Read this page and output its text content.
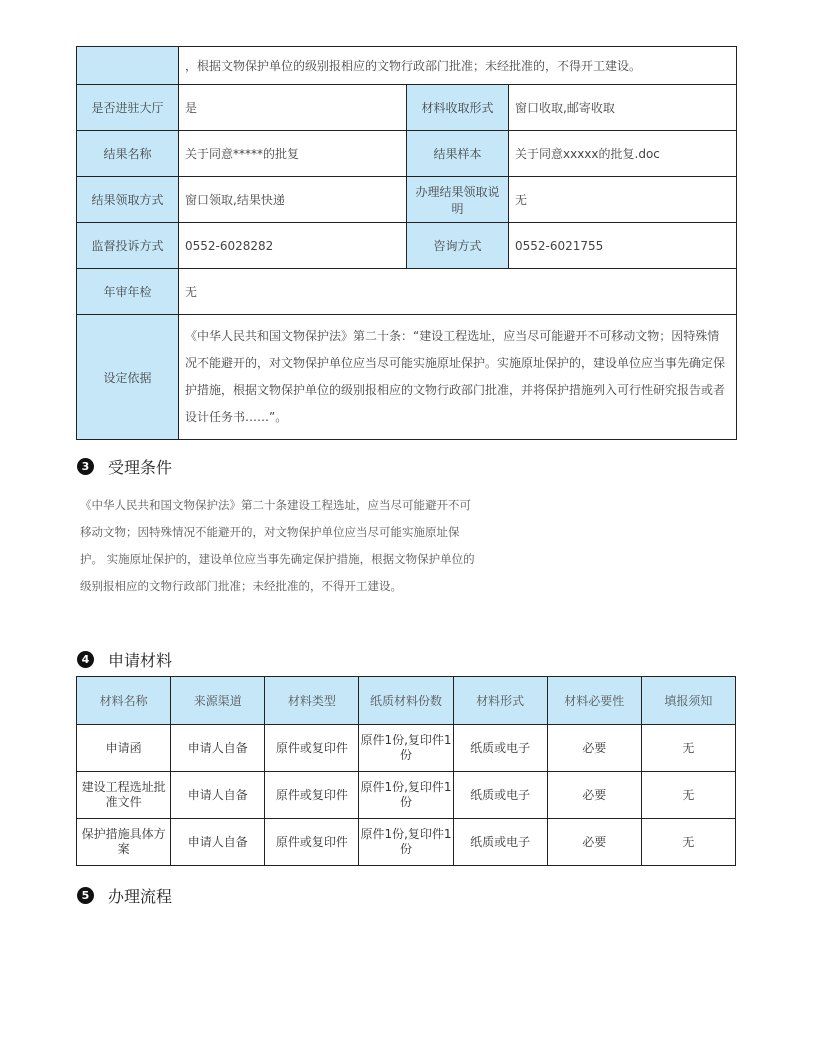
	，根据文物保护单位的级别报相应的文物行政部门批准；未经批准的，不得开工建设。		
是否进驻大厅	是	材料收取形式	窗口收取,邮寄收取
结果名称	关于同意*****的批复	结果样本	关于同意xxxxx的批复.doc
结果领取方式	窗口领取,结果快递	办理结果领取说明	无
监督投诉方式	0552-6028282	咨询方式	0552-6021755
年审年检	无		
设定依据	《中华人民共和国文物保护法》第二十条：“建设工程选址，应当尽可能避开不可移动文物；因特殊情况不能避开的，对文物保护单位应当尽可能实施原址保护。实施原址保护的，建设单位应当事先确定保护措施，根据文物保护单位的级别报相应的文物行政部门批准，并将保护措施列入可行性研究报告或者设计任务书……”。		
3 受理条件

《中华人民共和国文物保护法》第二十条建设工程选址，应当尽可能避开不可移动文物；因特殊情况不能避开的，对文物保护单位应当尽可能实施原址保护。 实施原址保护的，建设单位应当事先确定保护措施，根据文物保护单位的级别报相应的文物行政部门批准；未经批准的，不得开工建设。

4 申请材料
材料名称	来源渠道	材料类型	纸质材料份数	材料形式	材料必要性	填报须知
申请函	申请人自备	原件或复印件	原件1份,复印件1份	纸质或电子	必要	无
建设工程选址批准文件	申请人自备	原件或复印件	原件1份,复印件1份	纸质或电子	必要	无
保护措施具体方案	申请人自备	原件或复印件	原件1份,复印件1份	纸质或电子	必要	无
5 办理流程
